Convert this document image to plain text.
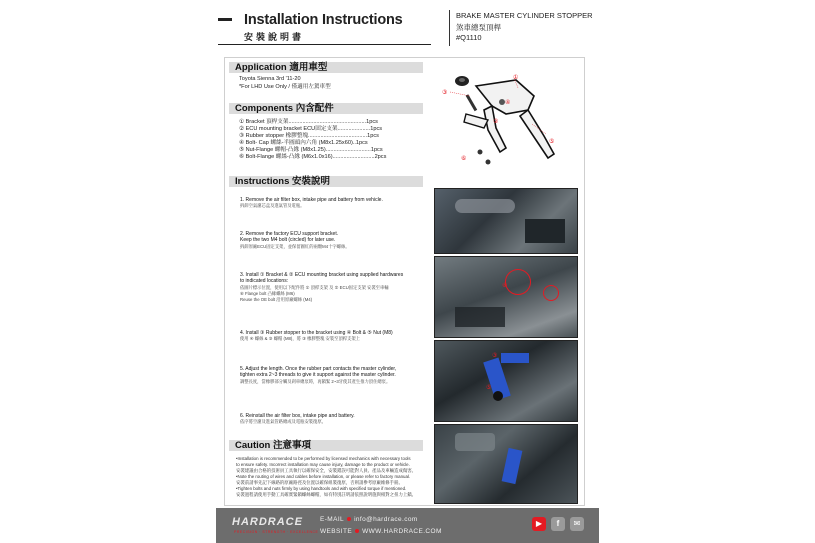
Installation Instructions
安裝說明書
BRAKE MASTER CYLINDER STOPPER
煞車總泵頂桿
#Q1110
Application 適用車型
Toyota Sienna 3rd '11-20
*For LHD Use Only / 僅適用左駕車型
Components 內含配件
① Bracket 頂桿支架..................................................1pcs
② ECU mounting bracket ECU固定支架.....................1pcs
③ Rubber stopper 橡膠整塊......................................1pcs
④ Bolt- Cap 螺絲-半圓頭內六角 (M8x1.25x60)..1pcs
⑤ Nut-Flange 螺帽-凸緣 (M8x1.25).............................1pcs
⑥ Bolt-Flange 螺絲-凸緣 (M6x1.0x16)...........................2pcs
①
②
③
④
⑤
⑥
Instructions 安裝說明
1. Remove the air filter box, intake pipe and battery from vehicle.
拆卸空氣濾芯盒及進氣管及電瓶。
2. Remove the factory ECU support bracket.
Keep the two M4 bolt (circled) for later use.
拆卸原廠ECU固定支架，並保留圖紅的兩顆M4十字螺絲。
3. Install ① Bracket & ② ECU mounting bracket using supplied hardwares
to indicated locations:
依圖片標示位置，使用以下配件將 ① 頂桿支架 及 ② ECU固定支架 安裝至車輛
⑥ Flange bolt 凸緣螺絲 (M6)
Reuse the OE bolt 沿用原廠螺絲 (M4)
4. Install ③ Rubber stopper to the bracket using ④ Bolt & ⑤ Nut (M8)
使用 ④ 螺絲 & ⑤ 螺帽 (M8)，將 ③ 橡膠整塊 安裝至頂桿支架上
5. Adjust the length. Once the rubber part contacts the master cylinder,
tighten extra 2~3 threads to give it support against the master cylinder.
調整長度，當橡膠部分觸及剎車總泵時，再鎖緊 2~3牙使其產生推力頂住總泵。
6. Reinstall the air filter box, intake pipe and battery.
依序將空濾及進氣管路總成及電瓶安裝復原。
⑥
③
⑤
Caution 注意事項
•Installation is recommended to be performed by licensed mechanics with necessary tools
to ensure safety. Incorrect installation may cause injury, damage to the product or vehicle.
安裝建議由合格的技術員工具執行以確保安全，安裝錯誤可能對人員、產品及車輛造成傷害。
•Note the routing of wires and cables before installation, or please refer to factory manual.
安裝前請事先記下線路的原廠路徑及位置以確保組裝復原，否則請參考原廠維修手冊。
•Tighten bolts and nuts firmly by using handtools and with specified torque if mentioned.
安裝過程請使用手動工具確實緊鎖螺絲螺帽，如有特別註明請依照說明施與相對之扭力上鎖。
HARDRACE
PRECISION · STRENGTH · EXCELLENCE
E-MAIL info@hardrace.com
WEBSITE WWW.HARDRACE.COM
▶	f	✉
